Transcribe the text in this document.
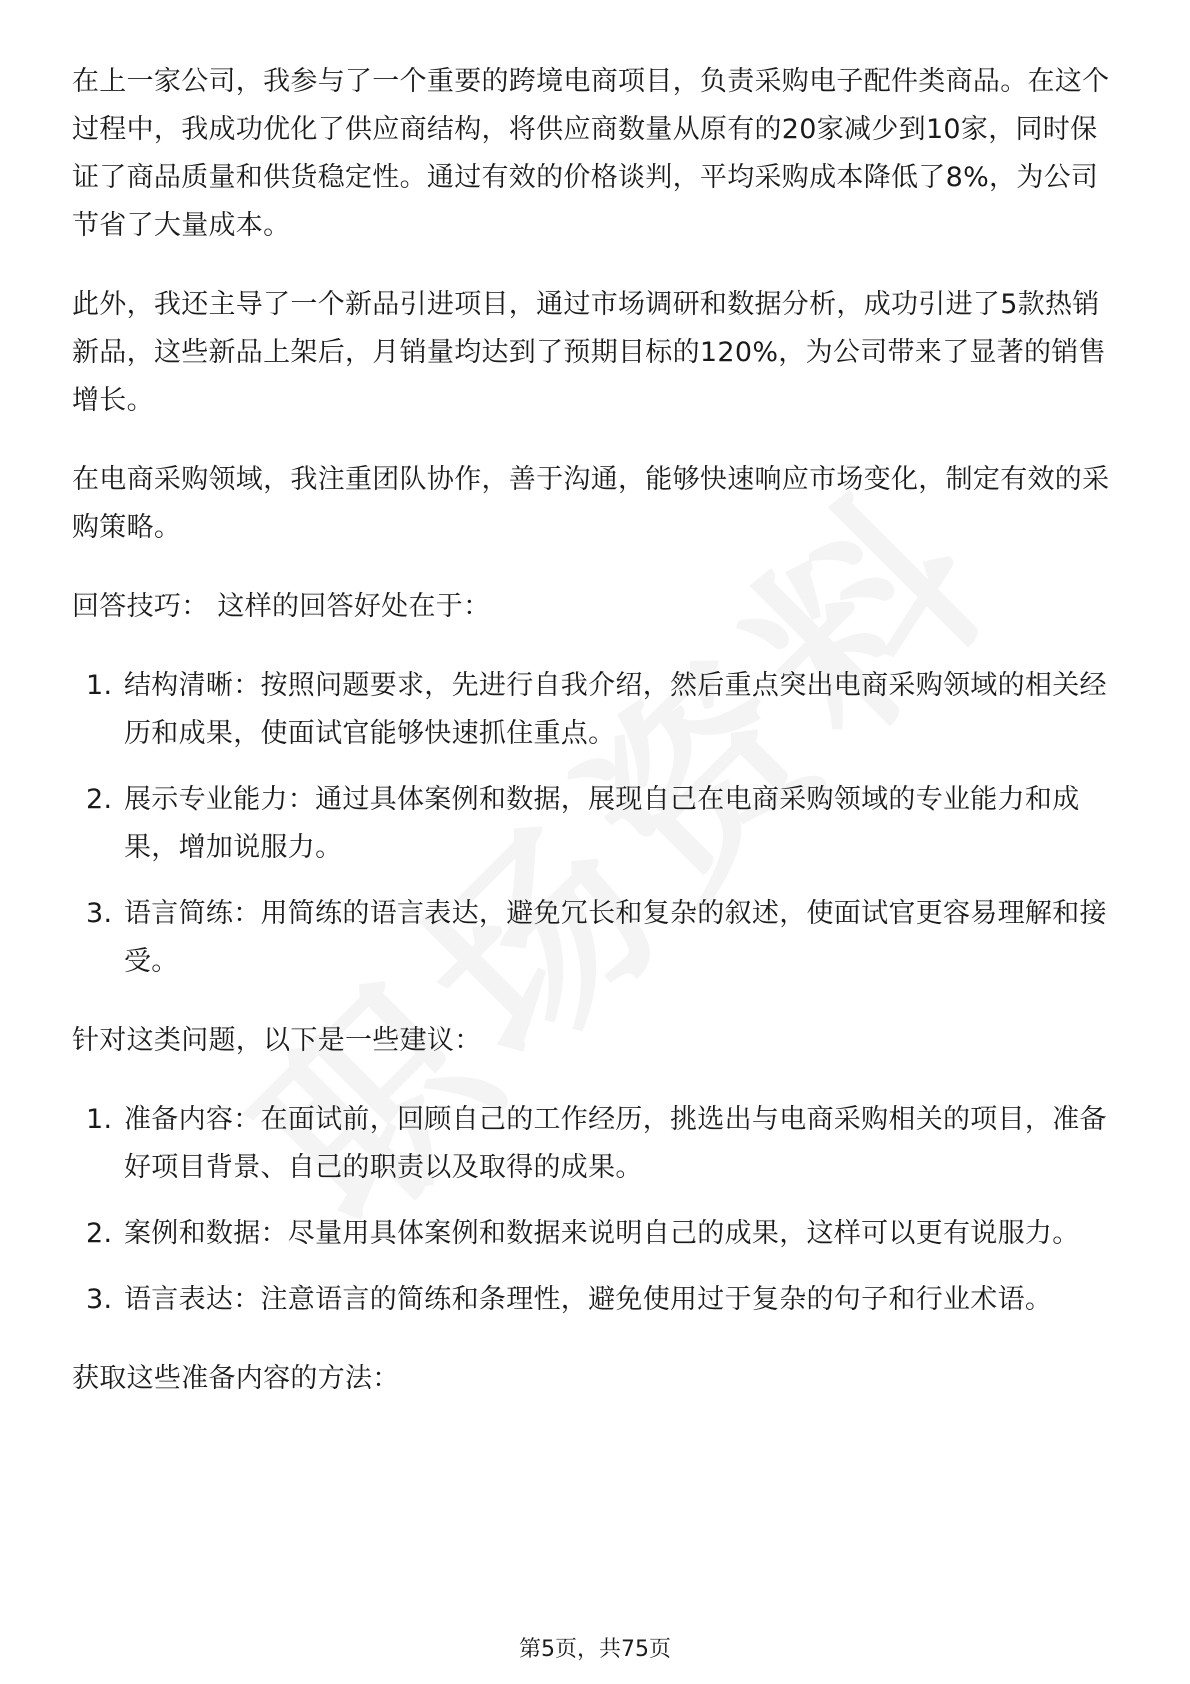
在上一家公司，我参与了一个重要的跨境电商项目，负责采购电子配件类商品。在这个过程中，我成功优化了供应商结构，将供应商数量从原有的20家减少到10家，同时保证了商品质量和供货稳定性。通过有效的价格谈判，平均采购成本降低了8%，为公司节省了大量成本。

此外，我还主导了一个新品引进项目，通过市场调研和数据分析，成功引进了5款热销新品，这些新品上架后，月销量均达到了预期目标的120%，为公司带来了显著的销售增长。

在电商采购领域，我注重团队协作，善于沟通，能够快速响应市场变化，制定有效的采购策略。

回答技巧： 这样的回答好处在于：

1. 结构清晰：按照问题要求，先进行自我介绍，然后重点突出电商采购领域的相关经历和成果，使面试官能够快速抓住重点。
2. 展示专业能力：通过具体案例和数据，展现自己在电商采购领域的专业能力和成果，增加说服力。
3. 语言简练：用简练的语言表达，避免冗长和复杂的叙述，使面试官更容易理解和接受。

针对这类问题，以下是一些建议：

1. 准备内容：在面试前，回顾自己的工作经历，挑选出与电商采购相关的项目，准备好项目背景、自己的职责以及取得的成果。
2. 案例和数据：尽量用具体案例和数据来说明自己的成果，这样可以更有说服力。
3. 语言表达：注意语言的简练和条理性，避免使用过于复杂的句子和行业术语。

获取这些准备内容的方法：

第5页，共75页
